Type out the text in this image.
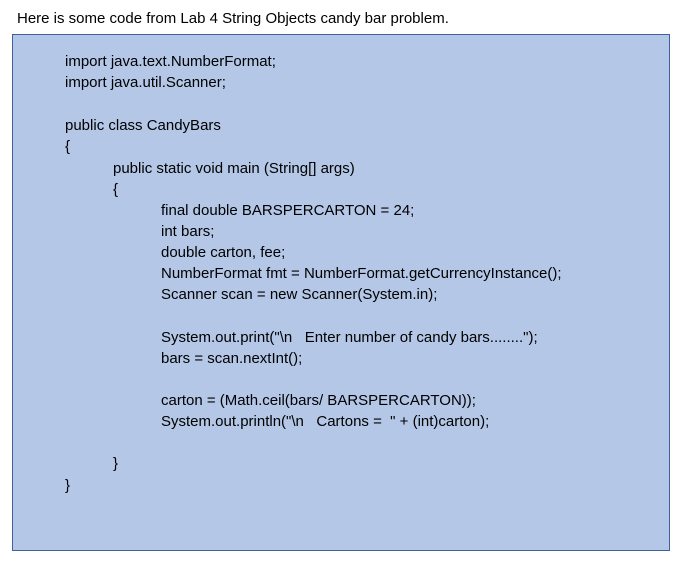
Here is some code from Lab 4 String Objects candy bar problem.
import java.text.NumberFormat;
import java.util.Scanner;
public class CandyBars
{
public static void main (String[] args)
{
final double BARSPERCARTON = 24;
int bars;
double carton, fee;
NumberFormat fmt = NumberFormat.getCurrencyInstance();
Scanner scan = new Scanner(System.in);
System.out.print("\n   Enter number of candy bars........");
bars = scan.nextInt();
carton = (Math.ceil(bars/ BARSPERCARTON));
System.out.println("\n   Cartons =  " + (int)carton);
}
}
